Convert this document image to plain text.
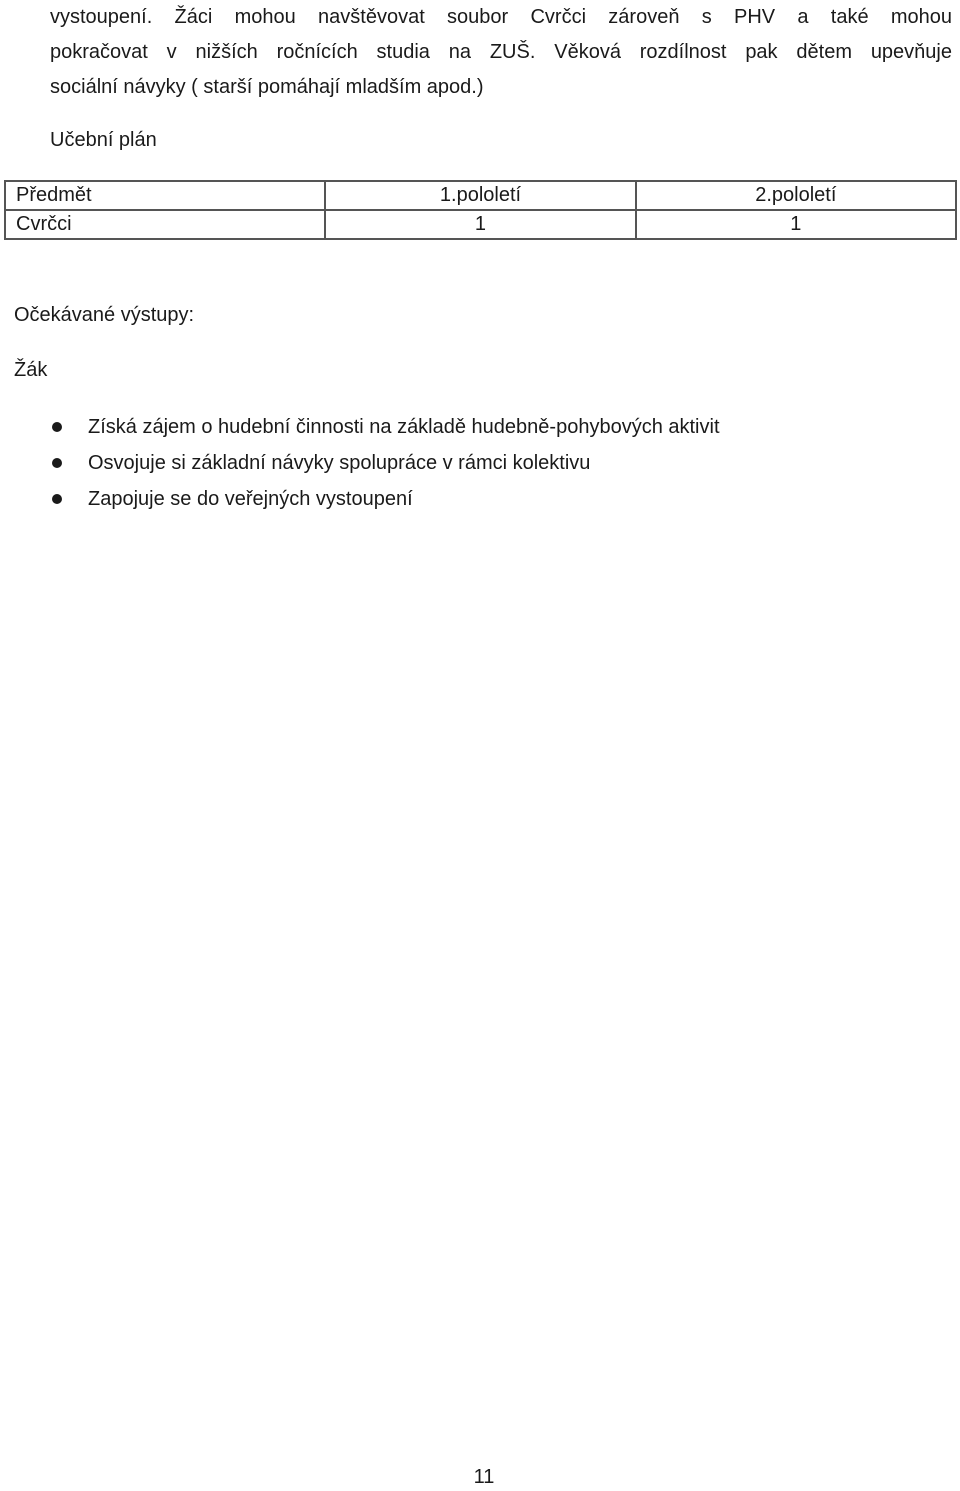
vystoupení. Žáci mohou navštěvovat soubor Cvrčci zároveň s PHV a také mohou
pokračovat v nižších ročnících studia na ZUŠ. Věková rozdílnost pak dětem upevňuje
sociální návyky ( starší pomáhají mladším apod.)
Učební plán
Předmět	1.pololetí	2.pololetí
Cvrčci	1	1
Očekávané výstupy:
Žák
Získá zájem o hudební činnosti na základě hudebně-pohybových aktivit
Osvojuje si základní návyky spolupráce v rámci kolektivu
Zapojuje se do veřejných vystoupení
11
